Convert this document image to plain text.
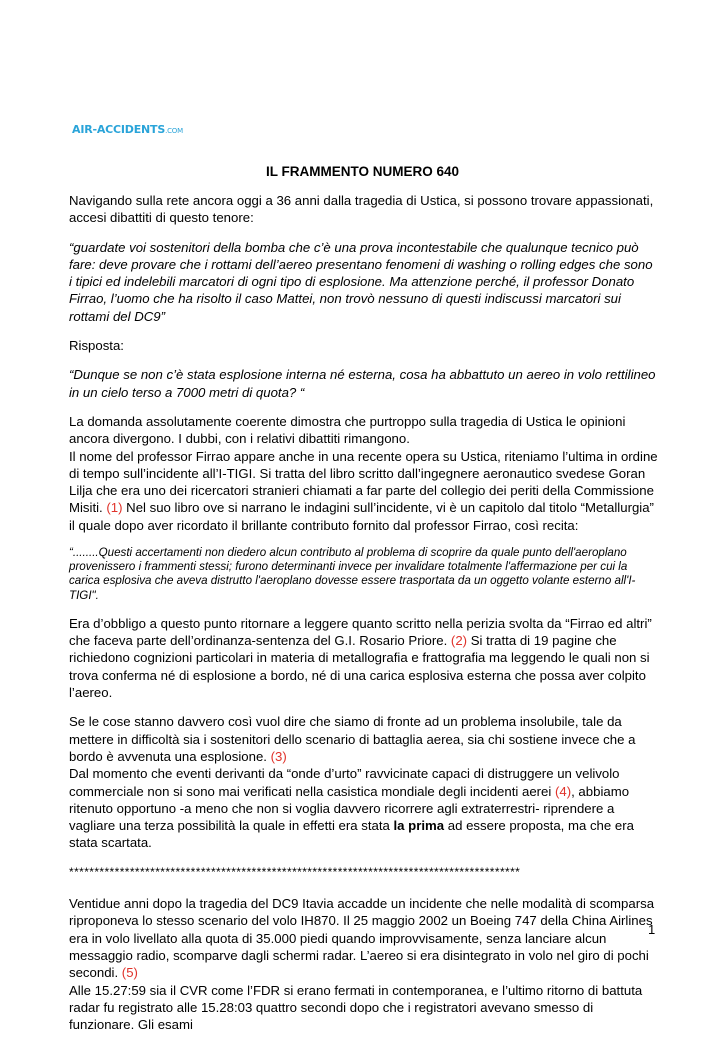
AIR-ACCIDENTS.COM
IL FRAMMENTO NUMERO 640

Navigando sulla rete ancora oggi a 36 anni dalla tragedia di Ustica, si possono trovare appassionati, accesi dibattiti di questo tenore:

“guardate voi sostenitori della bomba che c’è una prova incontestabile che qualunque tecnico può fare: deve provare che i rottami dell’aereo presentano fenomeni di washing o rolling edges che sono i tipici ed indelebili marcatori di ogni tipo di esplosione. Ma attenzione perché, il professor Donato Firrao, l’uomo che ha risolto il caso Mattei, non trovò nessuno di questi indiscussi marcatori sui rottami del DC9”

Risposta:

“Dunque se non c’è stata esplosione interna né esterna, cosa ha abbattuto un aereo in volo rettilineo in un cielo terso a 7000 metri di quota? “

La domanda assolutamente coerente dimostra che purtroppo sulla tragedia di Ustica le opinioni ancora divergono. I dubbi, con i relativi dibattiti rimangono.
Il nome del professor Firrao appare anche in una recente opera su Ustica, riteniamo l’ultima in ordine di tempo sull’incidente all’I-TIGI. Si tratta del libro scritto dall’ingegnere aeronautico svedese Goran Lilja che era uno dei ricercatori stranieri chiamati a far parte del collegio dei periti della Commissione Misiti. (1) Nel suo libro ove si narrano le indagini sull’incidente, vi è un capitolo dal titolo “Metallurgia” il quale dopo aver ricordato il brillante contributo fornito dal professor Firrao, così recita:

“........Questi accertamenti non diedero alcun contributo al problema di scoprire da quale punto dell'aeroplano provenissero i frammenti stessi; furono determinanti invece per invalidare totalmente l'affermazione per cui la carica esplosiva che aveva distrutto l'aeroplano dovesse essere trasportata da un oggetto volante esterno all'I-TIGI".

Era d’obbligo a questo punto ritornare a leggere quanto scritto nella perizia svolta da “Firrao ed altri” che faceva parte dell’ordinanza-sentenza del G.I. Rosario Priore. (2) Si tratta di 19 pagine che richiedono cognizioni particolari in materia di metallografia e frattografia ma leggendo le quali non si trova conferma né di esplosione a bordo, né di una carica esplosiva esterna che possa aver colpito l’aereo.

Se le cose stanno davvero così vuol dire che siamo di fronte ad un problema insolubile, tale da mettere in difficoltà sia i sostenitori dello scenario di battaglia aerea, sia chi sostiene invece che a bordo è avvenuta una esplosione. (3)
Dal momento che eventi derivanti da “onde d’urto” ravvicinate capaci di distruggere un velivolo commerciale non si sono mai verificati nella casistica mondiale degli incidenti aerei (4), abbiamo ritenuto opportuno -a meno che non si voglia davvero ricorrere agli extraterrestri- riprendere a vagliare una terza possibilità la quale in effetti era stata la prima ad essere proposta, ma che era stata scartata.

*****************************************************************************************

Ventidue anni dopo la tragedia del DC9 Itavia accadde un incidente che nelle modalità di scomparsa riproponeva lo stesso scenario del volo IH870. Il 25 maggio 2002 un Boeing 747 della China Airlines era in volo livellato alla quota di 35.000 piedi quando improvvisamente, senza lanciare alcun messaggio radio, scomparve dagli schermi radar. L’aereo si era disintegrato in volo nel giro di pochi secondi. (5)
Alle 15.27:59 sia il CVR come l’FDR si erano fermati in contemporanea, e l’ultimo ritorno di battuta radar fu registrato alle 15.28:03 quattro secondi dopo che i registratori avevano smesso di funzionare. Gli esami

1
